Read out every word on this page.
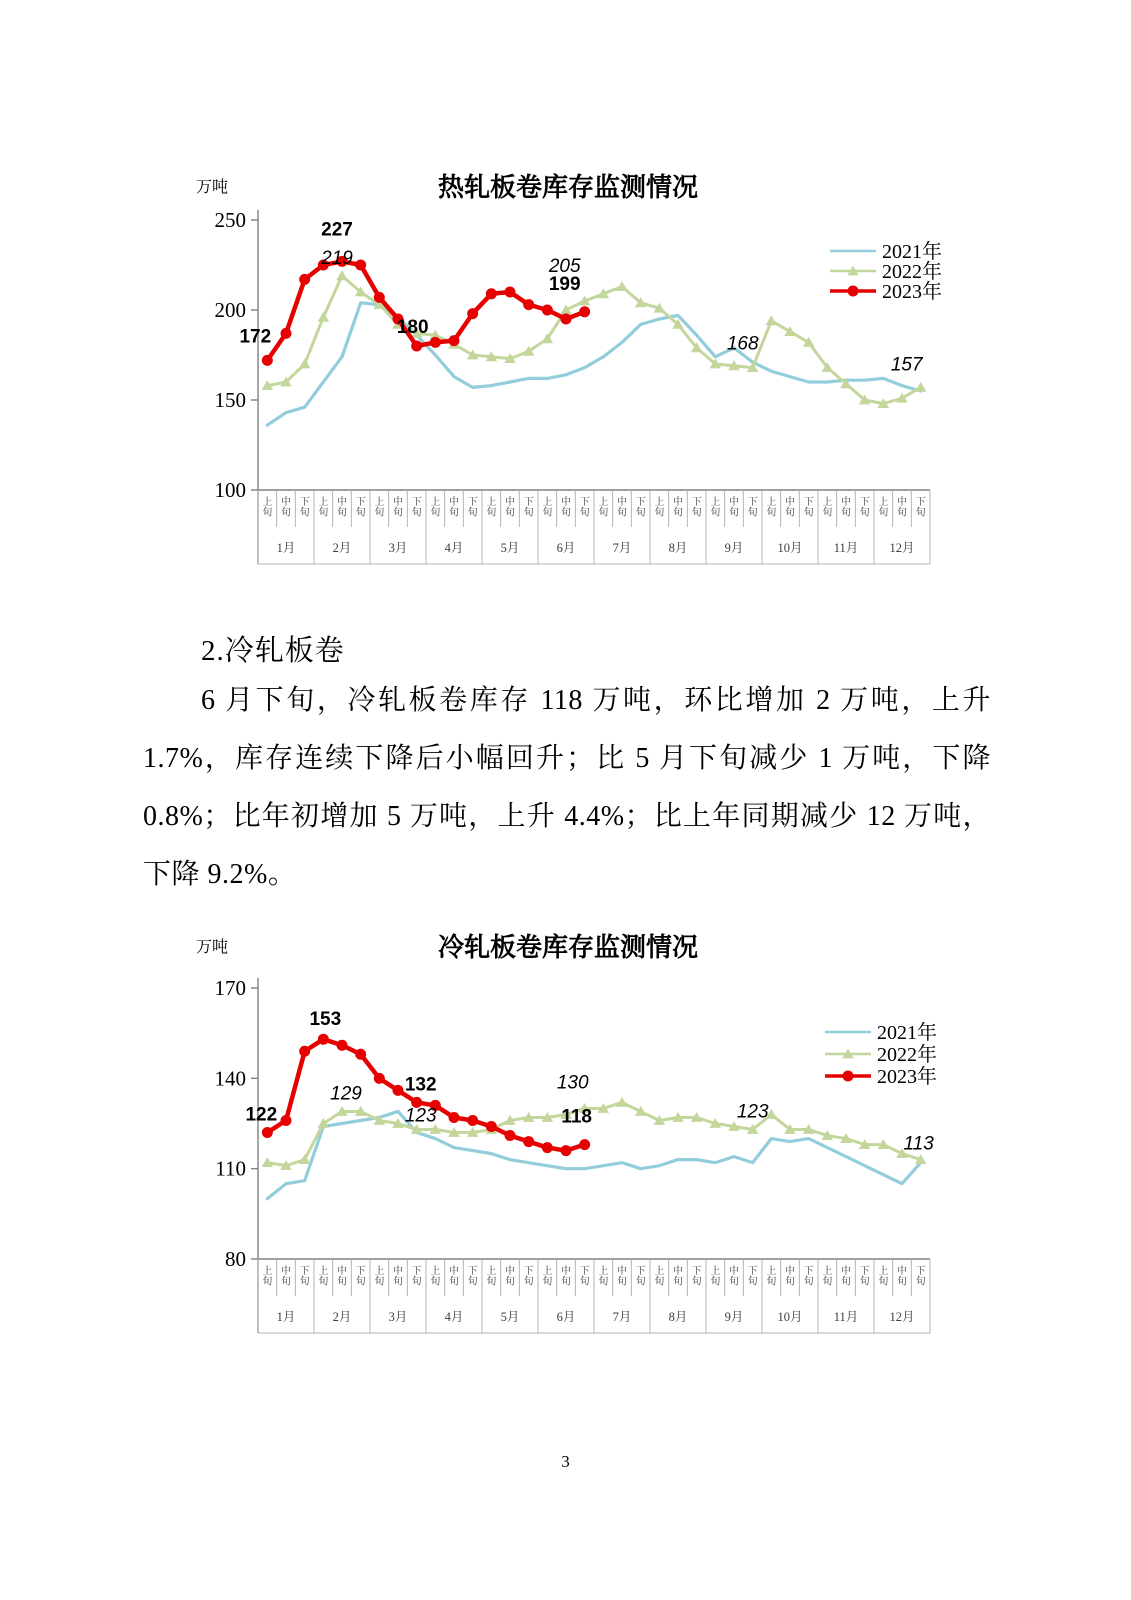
热轧板卷库存监测情况
万吨
250
200
150
100
上旬
中旬
下旬
上旬
中旬
下旬
上旬
中旬
下旬
上旬
中旬
下旬
上旬
中旬
下旬
上旬
中旬
下旬
上旬
中旬
下旬
上旬
中旬
下旬
上旬
中旬
下旬
上旬
中旬
下旬
上旬
中旬
下旬
上旬
中旬
下旬
1月	2月	3月	4月	5月	6月	7月	8月	9月	10月 11月 12月
172
227
219
180
205
199
168
157
2021年
2022年
2023年
2.冷轧板卷

6 月下旬，冷轧板卷库存 118 万吨，环比增加 2 万吨，上升 1.7%，库存连续下降后小幅回升；比 5 月下旬减少 1 万吨，下降 0.8%；比年初增加 5 万吨，上升 4.4%；比上年同期减少 12 万吨，下降 9.2%。

冷轧板卷库存监测情况
万吨
170
140
110
80
上旬
中旬
下旬
上旬
中旬
下旬
上旬
中旬
下旬
上旬
中旬
下旬
上旬
中旬
下旬
上旬
中旬
下旬
上旬
中旬
下旬
上旬
中旬
下旬
上旬
中旬
下旬
上旬
中旬
下旬
上旬
中旬
下旬
上旬
中旬
下旬
1月	2月	3月	4月	5月	6月	7月	8月	9月	10月 11月 12月
122
153
129 132
123
130
118	123
113
2021年
2022年
2023年
3
